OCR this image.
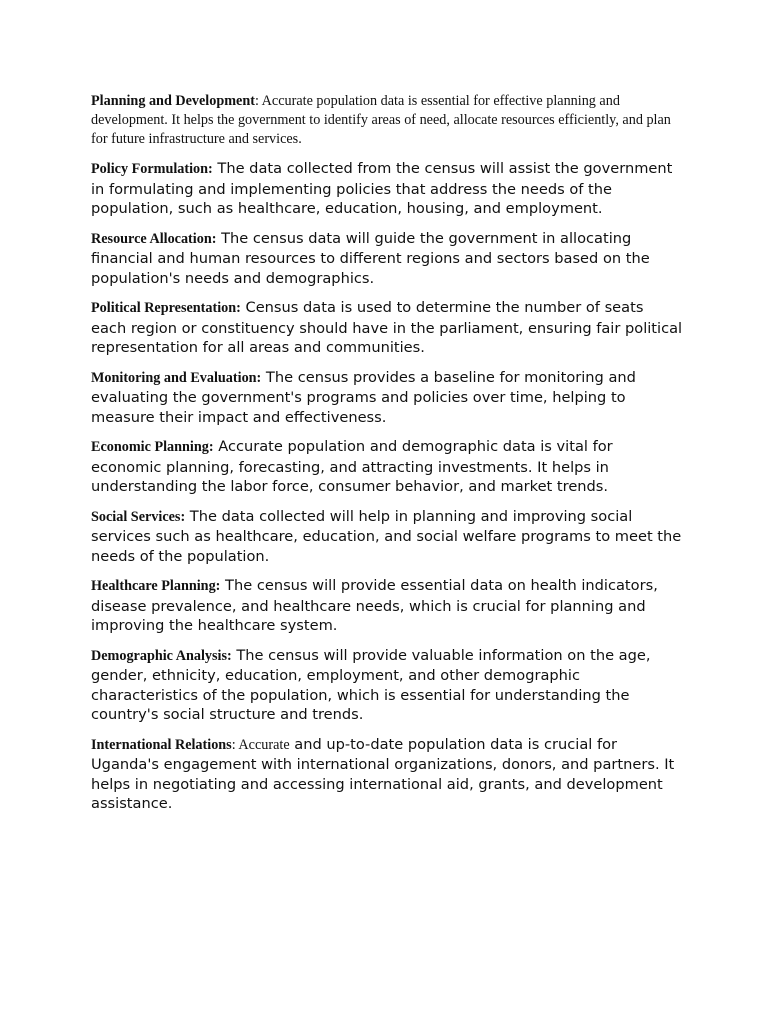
Planning and Development: Accurate population data is essential for effective planning and development. It helps the government to identify areas of need, allocate resources efficiently, and plan for future infrastructure and services.

Policy Formulation: The data collected from the census will assist the government in formulating and implementing policies that address the needs of the population, such as healthcare, education, housing, and employment.

Resource Allocation: The census data will guide the government in allocating financial and human resources to different regions and sectors based on the population's needs and demographics.

Political Representation: Census data is used to determine the number of seats each region or constituency should have in the parliament, ensuring fair political representation for all areas and communities.

Monitoring and Evaluation: The census provides a baseline for monitoring and evaluating the government's programs and policies over time, helping to measure their impact and effectiveness.

Economic Planning: Accurate population and demographic data is vital for economic planning, forecasting, and attracting investments. It helps in understanding the labor force, consumer behavior, and market trends.

Social Services: The data collected will help in planning and improving social services such as healthcare, education, and social welfare programs to meet the needs of the population.

Healthcare Planning: The census will provide essential data on health indicators, disease prevalence, and healthcare needs, which is crucial for planning and improving the healthcare system.

Demographic Analysis: The census will provide valuable information on the age, gender, ethnicity, education, employment, and other demographic characteristics of the population, which is essential for understanding the country's social structure and trends.

International Relations: Accurate and up-to-date population data is crucial for Uganda's engagement with international organizations, donors, and partners. It helps in negotiating and accessing international aid, grants, and development assistance.
